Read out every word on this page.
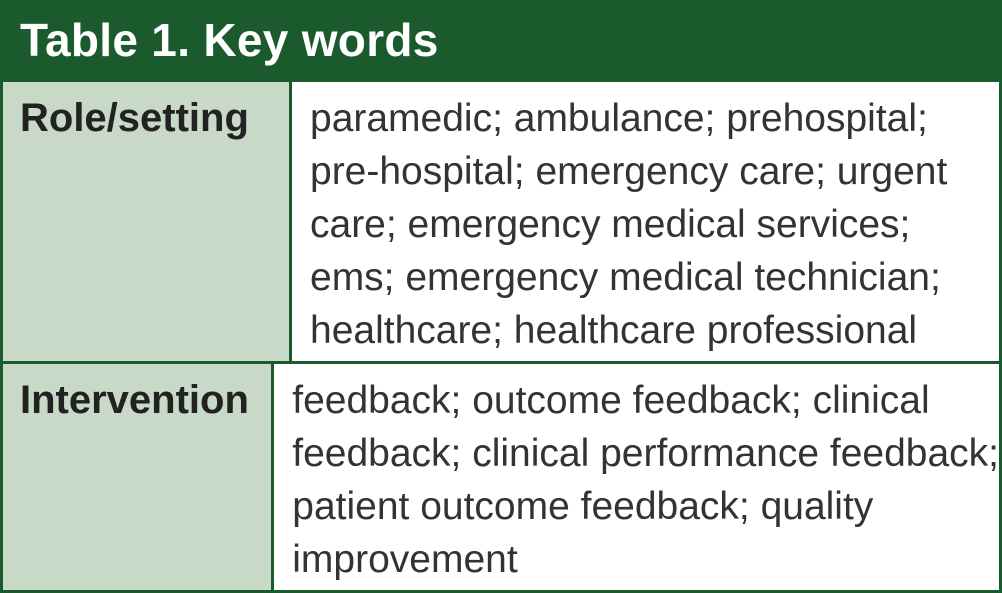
Table 1. Key words
Role/setting	paramedic; ambulance; prehospital;
pre-hospital; emergency care; urgent
care; emergency medical services;
ems; emergency medical technician;
healthcare; healthcare professional
Intervention	feedback; outcome feedback; clinical
feedback; clinical performance feedback;
patient outcome feedback; quality
improvement
